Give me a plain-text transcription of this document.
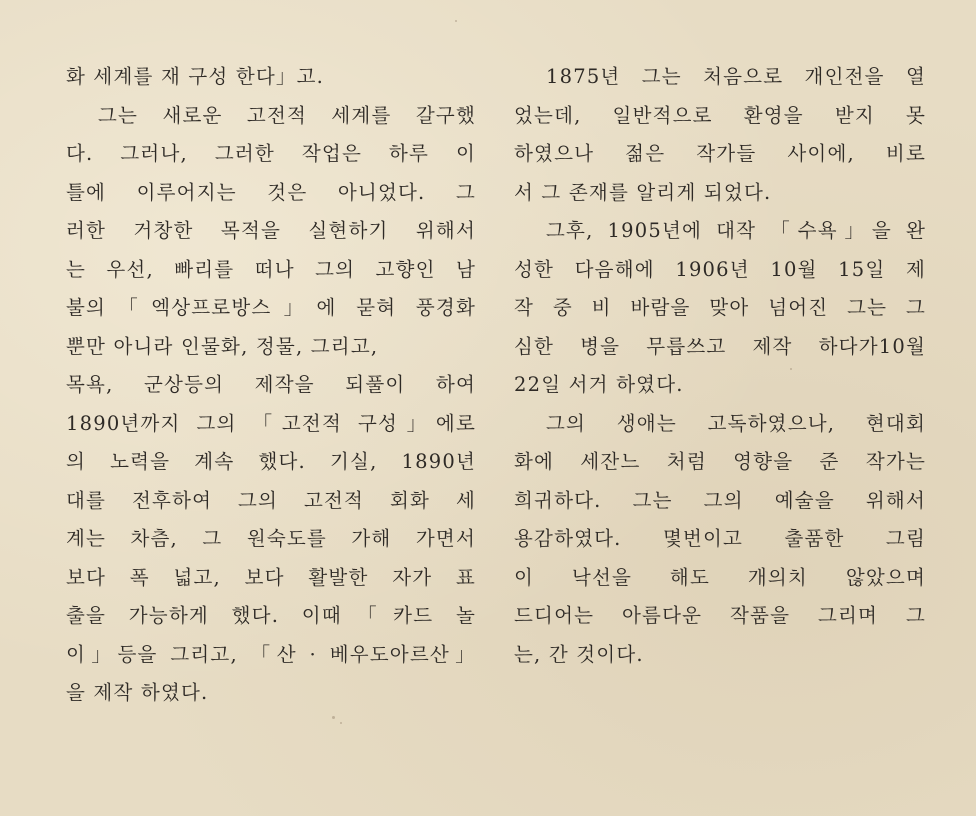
화 세계를 재 구성 한다」고.
그는 새로운 고전적 세계를 갈구했
다. 그러나, 그러한 작업은 하루 이
틀에 이루어지는 것은 아니었다. 그
러한 거창한 목적을 실현하기 위해서
는 우선, 빠리를 떠나 그의 고향인 남
불의「엑상프로방스」에 묻혀 풍경화
뿐만 아니라 인물화, 정물, 그리고,
목욕, 군상등의 제작을 되풀이 하여
1890년까지 그의 「고전적 구성」에로
의 노력을 계속 했다. 기실, 1890년
대를 전후하여 그의 고전적 회화 세
계는 차츰, 그 원숙도를 가해 가면서
보다 폭 넓고, 보다 활발한 자가 표
출을 가능하게 했다. 이때「카드 놀
이」등을 그리고, 「산 · 베우도아르산」
을 제작 하였다.
1875년 그는 처음으로 개인전을 열
었는데, 일반적으로 환영을 받지 못
하였으나 젊은 작가들 사이에, 비로
서 그 존재를 알리게 되었다.
그후, 1905년에 대작 「수욕」을 완
성한 다음해에 1906년 10월 15일 제
작 중 비 바람을 맞아 넘어진 그는 그
심한 병을 무릅쓰고 제작 하다가10월
22일 서거 하였다.
그의 생애는 고독하였으나, 현대회
화에 세잔느 처럼 영향을 준 작가는
희귀하다. 그는 그의 예술을 위해서
용감하였다. 몇번이고 출품한 그림
이 낙선을 해도 개의치 않았으며
드디어는 아름다운 작품을 그리며 그
는, 간 것이다.
